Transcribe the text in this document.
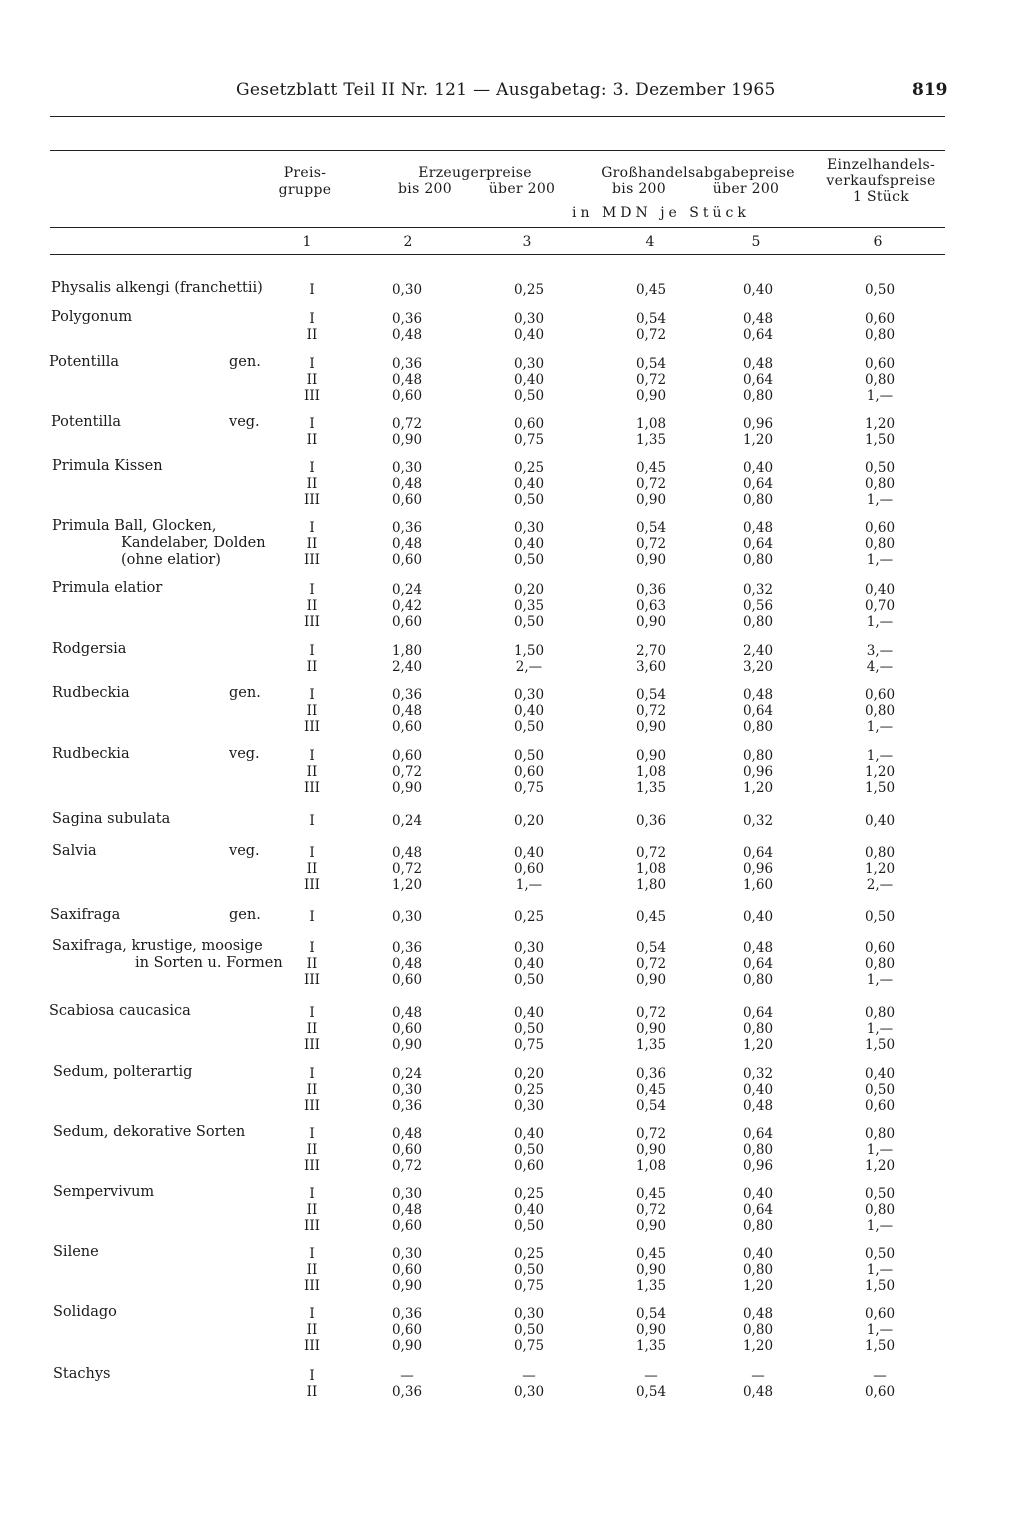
Gesetzblatt Teil II Nr. 121 — Ausgabetag: 3. Dezember 1965	819
Preis-
gruppe
Erzeugerpreise
bis 200	über 200
Großhandelsabgabepreise
bis 200	über 200
Einzelhandels-
verkaufspreise
1 Stück
in MDN je Stück
1	2	3	4	5	6
Physalis alkengi (franchettii)	I	0,30	0,25	0,45	0,40	0,50
Polygonum	I	0,36	0,30	0,54	0,48	0,60
II	0,48	0,40	0,72	0,64	0,80
Potentilla	gen.	I	0,36	0,30	0,54	0,48	0,60
II	0,48	0,40	0,72	0,64	0,80
III	0,60	0,50	0,90	0,80	1,—
Potentilla	veg.	I	0,72	0,60	1,08	0,96	1,20
II	0,90	0,75	1,35	1,20	1,50
Primula Kissen	I	0,30	0,25	0,45	0,40	0,50
II	0,48	0,40	0,72	0,64	0,80
III	0,60	0,50	0,90	0,80	1,—
Primula Ball, Glocken,
Kandelaber, Dolden
(ohne elatior)
I	0,36	0,30	0,54	0,48	0,60
II	0,48	0,40	0,72	0,64	0,80
III	0,60	0,50	0,90	0,80	1,—
Primula elatior	I	0,24	0,20	0,36	0,32	0,40
II	0,42	0,35	0,63	0,56	0,70
III	0,60	0,50	0,90	0,80	1,—
Rodgersia	I	1,80	1,50	2,70	2,40	3,—
II	2,40	2,—	3,60	3,20	4,—
Rudbeckia	gen.	I	0,36	0,30	0,54	0,48	0,60
II	0,48	0,40	0,72	0,64	0,80
III	0,60	0,50	0,90	0,80	1,—
Rudbeckia	veg.	I	0,60	0,50	0,90	0,80	1,—
II	0,72	0,60	1,08	0,96	1,20
III	0,90	0,75	1,35	1,20	1,50
Sagina subulata	I	0,24	0,20	0,36	0,32	0,40
Salvia	veg.	I	0,48	0,40	0,72	0,64	0,80
II	0,72	0,60	1,08	0,96	1,20
III	1,20	1,—	1,80	1,60	2,—
Saxifraga	gen.	I	0,30	0,25	0,45	0,40	0,50
Saxifraga, krustige, moosige
in Sorten u. Formen
I	0,36	0,30	0,54	0,48	0,60
II	0,48	0,40	0,72	0,64	0,80
III	0,60	0,50	0,90	0,80	1,—
Scabiosa caucasica	I	0,48	0,40	0,72	0,64	0,80
II	0,60	0,50	0,90	0,80	1,—
III	0,90	0,75	1,35	1,20	1,50
Sedum, polterartig	I	0,24	0,20	0,36	0,32	0,40
II	0,30	0,25	0,45	0,40	0,50
III	0,36	0,30	0,54	0,48	0,60
Sedum, dekorative Sorten	I	0,48	0,40	0,72	0,64	0,80
II	0,60	0,50	0,90	0,80	1,—
III	0,72	0,60	1,08	0,96	1,20
Sempervivum	I	0,30	0,25	0,45	0,40	0,50
II	0,48	0,40	0,72	0,64	0,80
III	0,60	0,50	0,90	0,80	1,—
Silene	I	0,30	0,25	0,45	0,40	0,50
II	0,60	0,50	0,90	0,80	1,—
III	0,90	0,75	1,35	1,20	1,50
Solidago	I	0,36	0,30	0,54	0,48	0,60
II	0,60	0,50	0,90	0,80	1,—
III	0,90	0,75	1,35	1,20	1,50
Stachys	I	—	—	—	—	—
II	0,36	0,30	0,54	0,48	0,60
